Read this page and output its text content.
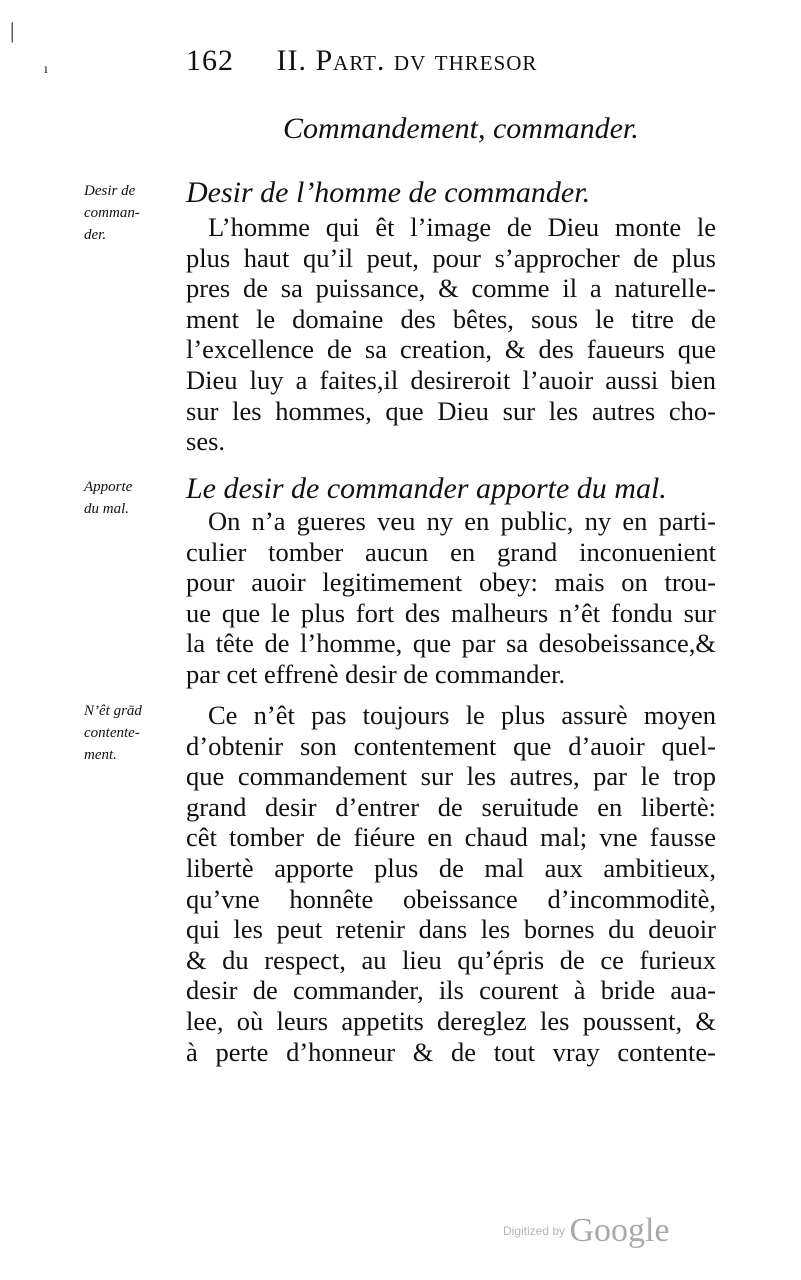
|
ı	162 II. Part. dv thresor
Commandement, commander.
Desir de
comman-
der.
Desir de l’homme de commander.
L’homme qui êt l’image de Dieu monte le
plus haut qu’il peut, pour s’approcher de plus
pres de sa puissance, & comme il a naturelle-
ment le domaine des bêtes, sous le titre de
l’excellence de sa creation, & des faueurs que
Dieu luy a faites,il desireroit l’auoir aussi bien
sur les hommes, que Dieu sur les autres cho-
ses.
Apporte
du mal.
Le desir de commander apporte du mal.
On n’a gueres veu ny en public, ny en parti-
culier tomber aucun en grand inconuenient
pour auoir legitimement obey: mais on trou-
ue que le plus fort des malheurs n’êt fondu sur
la tête de l’homme, que par sa desobeissance,&
par cet effrenè desir de commander.
N’êt grād
contente-
ment.
Ce n’êt pas toujours le plus assurè moyen
d’obtenir son contentement que d’auoir quel-
que commandement sur les autres, par le trop
grand desir d’entrer de seruitude en libertè:
cêt tomber de fiéure en chaud mal; vne fausse
libertè apporte plus de mal aux ambitieux,
qu’vne honnête obeissance d’incommoditè,
qui les peut retenir dans les bornes du deuoir
& du respect, au lieu qu’épris de ce furieux
desir de commander, ils courent à bride aua-
lee, où leurs appetits dereglez les poussent, &
à perte d’honneur & de tout vray contente-
Digitized by Google
